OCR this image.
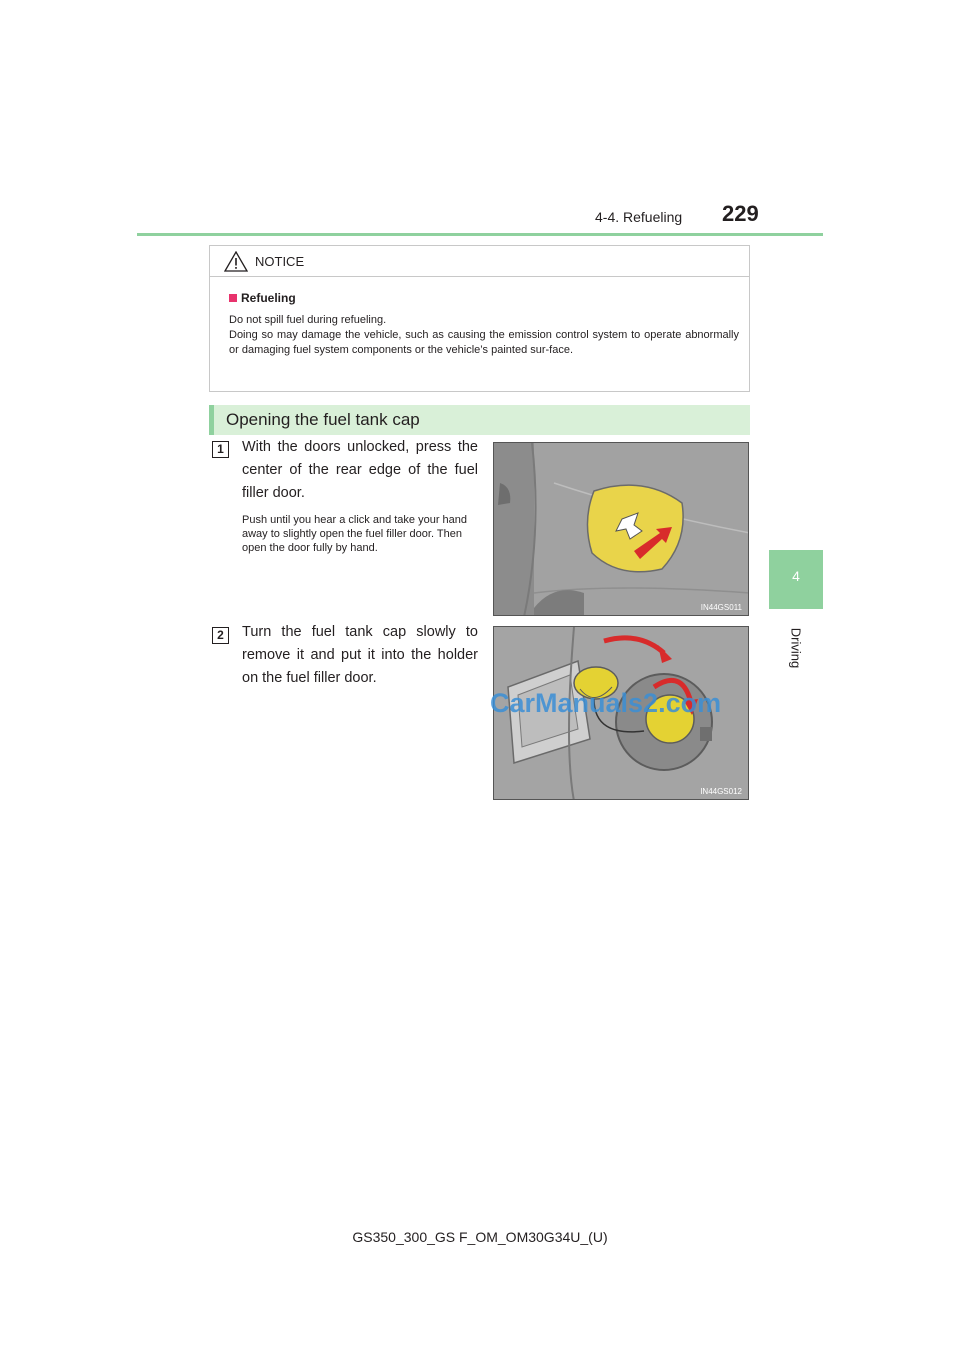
4-4. Refueling 229
4
Driving
NOTICE
Refueling

Do not spill fuel during refueling.

Doing so may damage the vehicle, such as causing the emission control system to operate abnormally or damaging fuel system components or the vehicle’s painted sur-face.

Opening the fuel tank cap
1	With the doors unlocked, press the center of the rear edge of the fuel filler door.
Push until you hear a click and take your hand away to slightly open the fuel filler door. Then open the door fully by hand.
IN44GS011
2	Turn the fuel tank cap slowly to remove it and put it into the holder on the fuel filler door.
IN44GS012
CarManuals2.com
GS350_300_GS F_OM_OM30G34U_(U)
